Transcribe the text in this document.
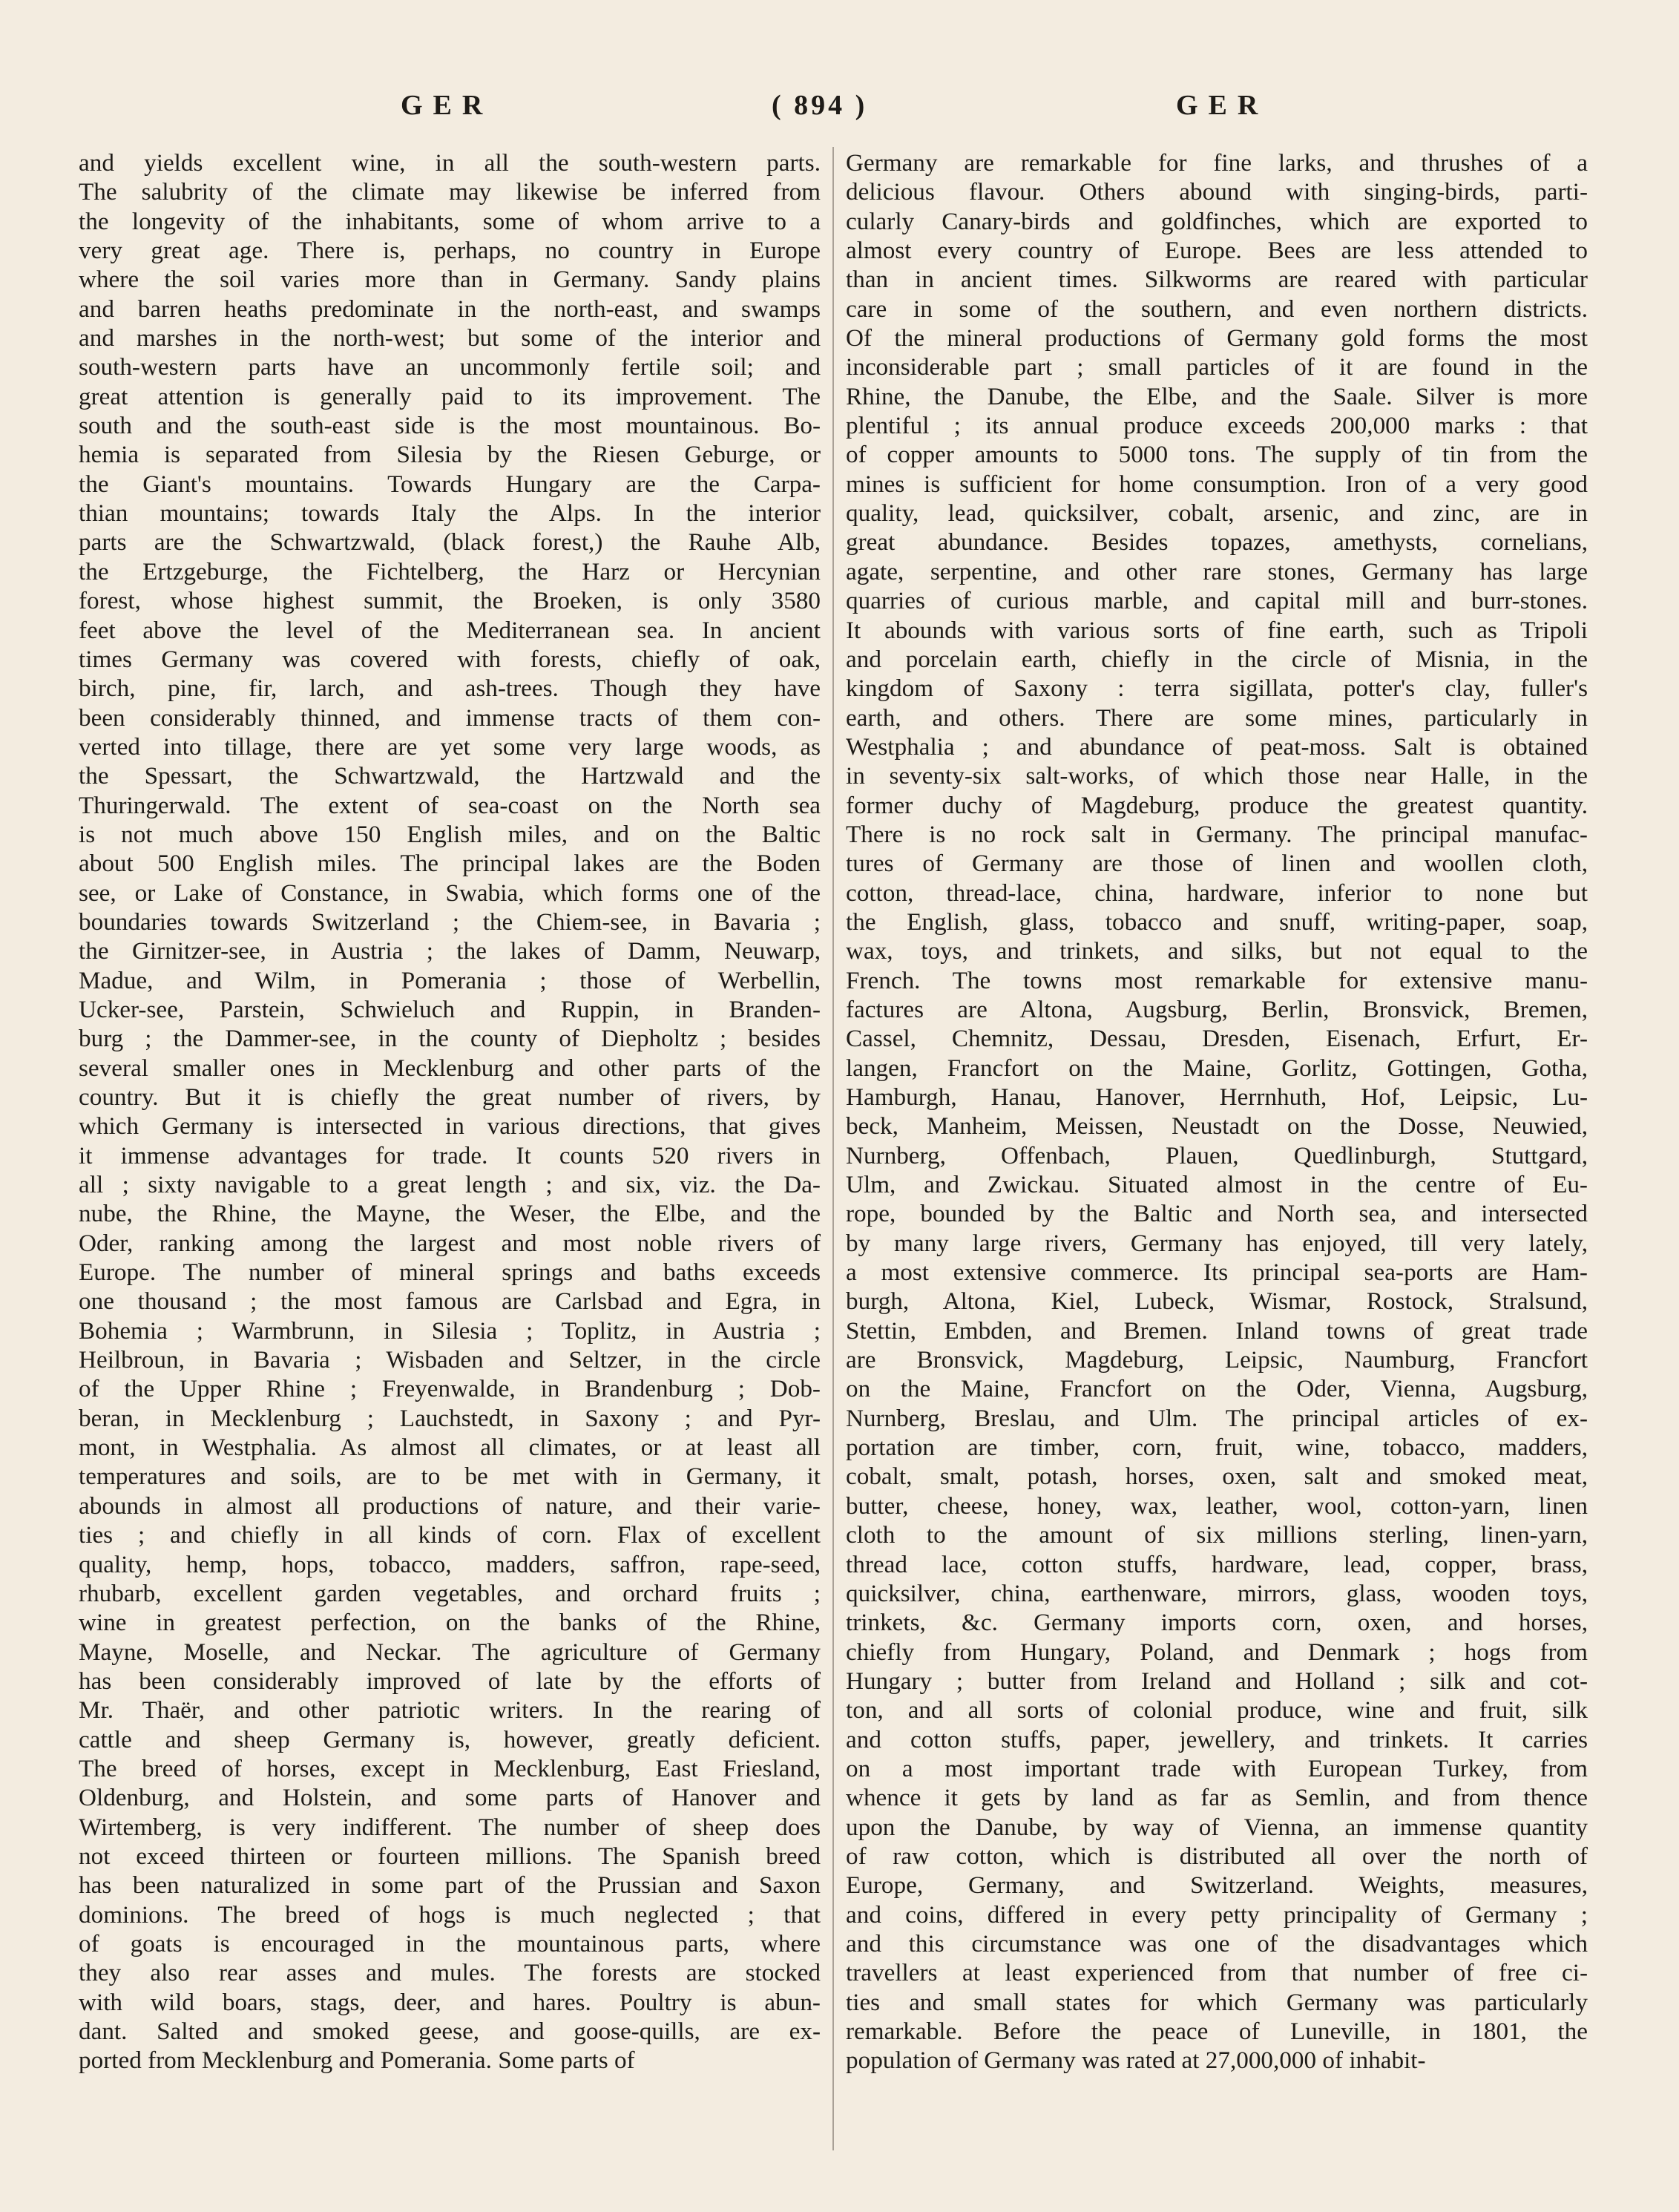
GER	( 894 )	GER
and yields excellent wine, in all the south-western parts.
The salubrity of the climate may likewise be inferred from
the longevity of the inhabitants, some of whom arrive to a
very great age. There is, perhaps, no country in Europe
where the soil varies more than in Germany. Sandy plains
and barren heaths predominate in the north-east, and swamps
and marshes in the north-west; but some of the interior and
south-western parts have an uncommonly fertile soil; and
great attention is generally paid to its improvement. The
south and the south-east side is the most mountainous. Bo-
hemia is separated from Silesia by the Riesen Geburge, or
the Giant's mountains. Towards Hungary are the Carpa-
thian mountains; towards Italy the Alps. In the interior
parts are the Schwartzwald, (black forest,) the Rauhe Alb,
the Ertzgeburge, the Fichtelberg, the Harz or Hercynian
forest, whose highest summit, the Broeken, is only 3580
feet above the level of the Mediterranean sea. In ancient
times Germany was covered with forests, chiefly of oak,
birch, pine, fir, larch, and ash-trees. Though they have
been considerably thinned, and immense tracts of them con-
verted into tillage, there are yet some very large woods, as
the Spessart, the Schwartzwald, the Hartzwald and the
Thuringerwald. The extent of sea-coast on the North sea
is not much above 150 English miles, and on the Baltic
about 500 English miles. The principal lakes are the Boden
see, or Lake of Constance, in Swabia, which forms one of the
boundaries towards Switzerland ; the Chiem-see, in Bavaria ;
the Girnitzer-see, in Austria ; the lakes of Damm, Neuwarp,
Madue, and Wilm, in Pomerania ; those of Werbellin,
Ucker-see, Parstein, Schwieluch and Ruppin, in Branden-
burg ; the Dammer-see, in the county of Diepholtz ; besides
several smaller ones in Mecklenburg and other parts of the
country. But it is chiefly the great number of rivers, by
which Germany is intersected in various directions, that gives
it immense advantages for trade. It counts 520 rivers in
all ; sixty navigable to a great length ; and six, viz. the Da-
nube, the Rhine, the Mayne, the Weser, the Elbe, and the
Oder, ranking among the largest and most noble rivers of
Europe. The number of mineral springs and baths exceeds
one thousand ; the most famous are Carlsbad and Egra, in
Bohemia ; Warmbrunn, in Silesia ; Toplitz, in Austria ;
Heilbroun, in Bavaria ; Wisbaden and Seltzer, in the circle
of the Upper Rhine ; Freyenwalde, in Brandenburg ; Dob-
beran, in Mecklenburg ; Lauchstedt, in Saxony ; and Pyr-
mont, in Westphalia. As almost all climates, or at least all
temperatures and soils, are to be met with in Germany, it
abounds in almost all productions of nature, and their varie-
ties ; and chiefly in all kinds of corn. Flax of excellent
quality, hemp, hops, tobacco, madders, saffron, rape-seed,
rhubarb, excellent garden vegetables, and orchard fruits ;
wine in greatest perfection, on the banks of the Rhine,
Mayne, Moselle, and Neckar. The agriculture of Germany
has been considerably improved of late by the efforts of
Mr. Thaër, and other patriotic writers. In the rearing of
cattle and sheep Germany is, however, greatly deficient.
The breed of horses, except in Mecklenburg, East Friesland,
Oldenburg, and Holstein, and some parts of Hanover and
Wirtemberg, is very indifferent. The number of sheep does
not exceed thirteen or fourteen millions. The Spanish breed
has been naturalized in some part of the Prussian and Saxon
dominions. The breed of hogs is much neglected ; that
of goats is encouraged in the mountainous parts, where
they also rear asses and mules. The forests are stocked
with wild boars, stags, deer, and hares. Poultry is abun-
dant. Salted and smoked geese, and goose-quills, are ex-
ported from Mecklenburg and Pomerania. Some parts of
Germany are remarkable for fine larks, and thrushes of a
delicious flavour. Others abound with singing-birds, parti-
cularly Canary-birds and goldfinches, which are exported to
almost every country of Europe. Bees are less attended to
than in ancient times. Silkworms are reared with particular
care in some of the southern, and even northern districts.
Of the mineral productions of Germany gold forms the most
inconsiderable part ; small particles of it are found in the
Rhine, the Danube, the Elbe, and the Saale. Silver is more
plentiful ; its annual produce exceeds 200,000 marks : that
of copper amounts to 5000 tons. The supply of tin from the
mines is sufficient for home consumption. Iron of a very good
quality, lead, quicksilver, cobalt, arsenic, and zinc, are in
great abundance. Besides topazes, amethysts, cornelians,
agate, serpentine, and other rare stones, Germany has large
quarries of curious marble, and capital mill and burr-stones.
It abounds with various sorts of fine earth, such as Tripoli
and porcelain earth, chiefly in the circle of Misnia, in the
kingdom of Saxony : terra sigillata, potter's clay, fuller's
earth, and others. There are some mines, particularly in
Westphalia ; and abundance of peat-moss. Salt is obtained
in seventy-six salt-works, of which those near Halle, in the
former duchy of Magdeburg, produce the greatest quantity.
There is no rock salt in Germany. The principal manufac-
tures of Germany are those of linen and woollen cloth,
cotton, thread-lace, china, hardware, inferior to none but
the English, glass, tobacco and snuff, writing-paper, soap,
wax, toys, and trinkets, and silks, but not equal to the
French. The towns most remarkable for extensive manu-
factures are Altona, Augsburg, Berlin, Bronsvick, Bremen,
Cassel, Chemnitz, Dessau, Dresden, Eisenach, Erfurt, Er-
langen, Francfort on the Maine, Gorlitz, Gottingen, Gotha,
Hamburgh, Hanau, Hanover, Herrnhuth, Hof, Leipsic, Lu-
beck, Manheim, Meissen, Neustadt on the Dosse, Neuwied,
Nurnberg, Offenbach, Plauen, Quedlinburgh, Stuttgard,
Ulm, and Zwickau. Situated almost in the centre of Eu-
rope, bounded by the Baltic and North sea, and intersected
by many large rivers, Germany has enjoyed, till very lately,
a most extensive commerce. Its principal sea-ports are Ham-
burgh, Altona, Kiel, Lubeck, Wismar, Rostock, Stralsund,
Stettin, Embden, and Bremen. Inland towns of great trade
are Bronsvick, Magdeburg, Leipsic, Naumburg, Francfort
on the Maine, Francfort on the Oder, Vienna, Augsburg,
Nurnberg, Breslau, and Ulm. The principal articles of ex-
portation are timber, corn, fruit, wine, tobacco, madders,
cobalt, smalt, potash, horses, oxen, salt and smoked meat,
butter, cheese, honey, wax, leather, wool, cotton-yarn, linen
cloth to the amount of six millions sterling, linen-yarn,
thread lace, cotton stuffs, hardware, lead, copper, brass,
quicksilver, china, earthenware, mirrors, glass, wooden toys,
trinkets, &c. Germany imports corn, oxen, and horses,
chiefly from Hungary, Poland, and Denmark ; hogs from
Hungary ; butter from Ireland and Holland ; silk and cot-
ton, and all sorts of colonial produce, wine and fruit, silk
and cotton stuffs, paper, jewellery, and trinkets. It carries
on a most important trade with European Turkey, from
whence it gets by land as far as Semlin, and from thence
upon the Danube, by way of Vienna, an immense quantity
of raw cotton, which is distributed all over the north of
Europe, Germany, and Switzerland. Weights, measures,
and coins, differed in every petty principality of Germany ;
and this circumstance was one of the disadvantages which
travellers at least experienced from that number of free ci-
ties and small states for which Germany was particularly
remarkable. Before the peace of Luneville, in 1801, the
population of Germany was rated at 27,000,000 of inhabit-
